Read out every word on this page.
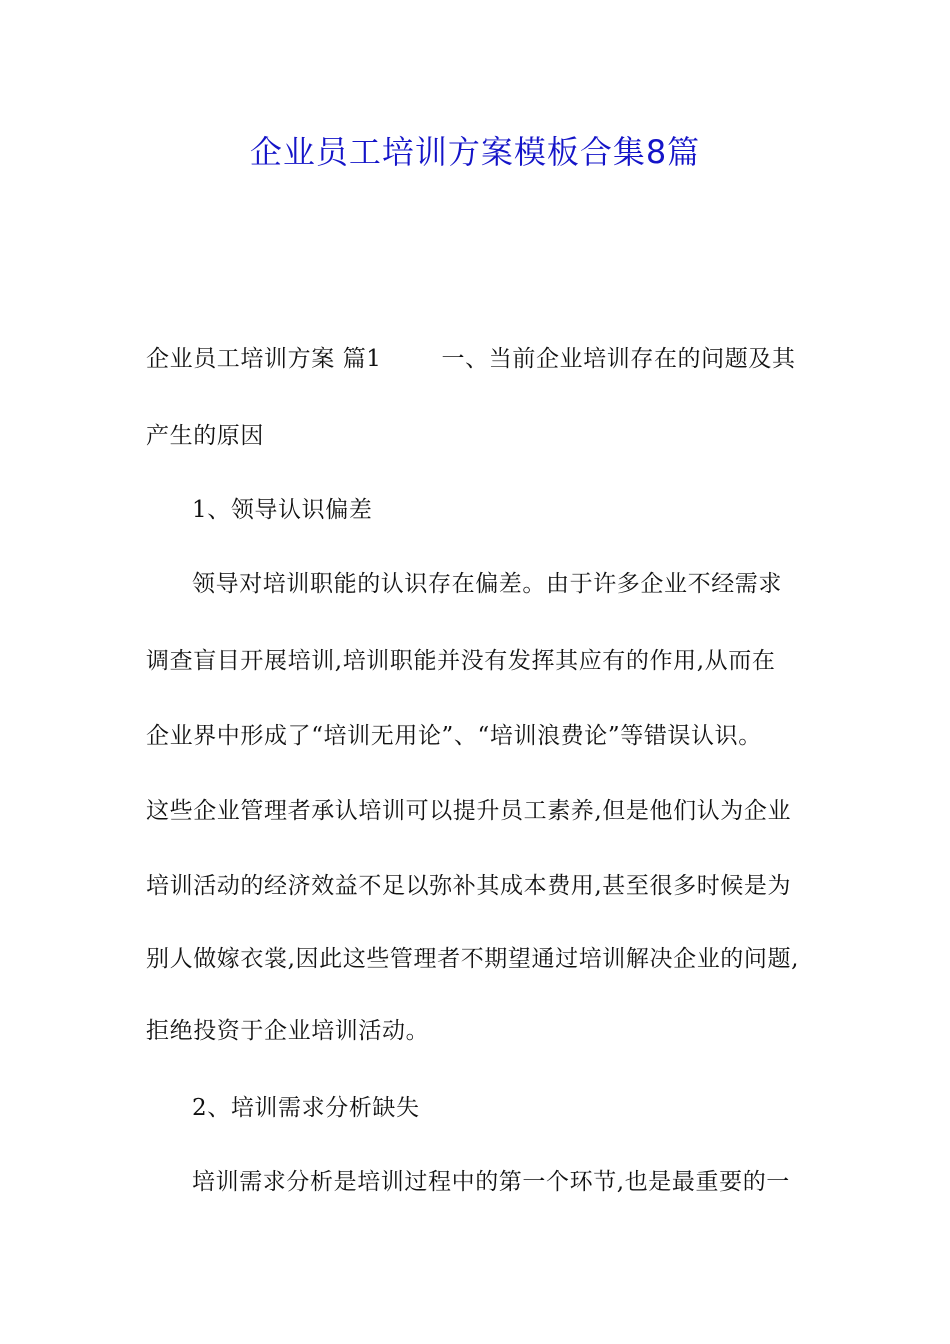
企业员工培训方案模板合集8篇
企业员工培训方案 篇1	一、当前企业培训存在的问题及其
产生的原因
1、领导认识偏差
领导对培训职能的认识存在偏差。由于许多企业不经需求
调查盲目开展培训,培训职能并没有发挥其应有的作用,从而在
企业界中形成了“培训无用论”、“培训浪费论”等错误认识。
这些企业管理者承认培训可以提升员工素养,但是他们认为企业
培训活动的经济效益不足以弥补其成本费用,甚至很多时候是为
别人做嫁衣裳,因此这些管理者不期望通过培训解决企业的问题,
拒绝投资于企业培训活动。
2、培训需求分析缺失
培训需求分析是培训过程中的第一个环节,也是最重要的一
